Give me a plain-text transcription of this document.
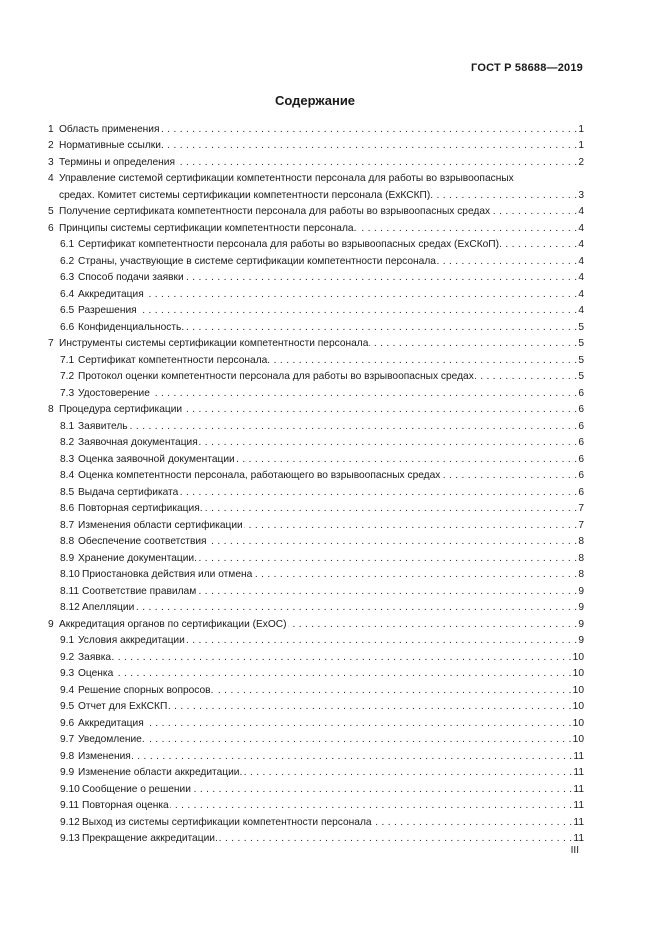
ГОСТ Р 58688—2019
Содержание
1 Область применения . . .	1
2 Нормативные ссылки. . . .	1
3 Термины и определения . . .	2
4 Управление системой сертификации компетентности персонала для работы во взрывоопасных
средах. Комитет системы сертификации компетентности персонала (ExКСКП) . . .	3
5 Получение сертификата компетентности персонала для работы во взрывоопасных средах . . .	4
6 Принципы системы сертификации компетентности персонала. . . .	4
6.1 Сертификат компетентности персонала для работы во взрывоопасных средах (ExСКоП). . . .	4
6.2 Страны, участвующие в системе сертификации компетентности персонала . . .	4
6.3 Способ подачи заявки . . .	4
6.4 Аккредитация . . .	4
6.5 Разрешения . . .	4
6.6 Конфиденциальность. . . .	5
7 Инструменты системы сертификации компетентности персонала . . .	5
7.1 Сертификат компетентности персонала. . . .	5
7.2 Протокол оценки компетентности персонала для работы во взрывоопасных средах . . .	5
7.3 Удостоверение . . .	6
8 Процедура сертификации . . .	6
8.1 Заявитель . . .	6
8.2 Заявочная документация . . .	6
8.3 Оценка заявочной документации . . .	6
8.4 Оценка компетентности персонала, работающего во взрывоопасных средах . . .	6
8.5 Выдача сертификата . . .	6
8.6 Повторная сертификация. . . .	7
8.7 Изменения области сертификации . . .	7
8.8 Обеспечение соответствия . . .	8
8.9 Хранение документации. . . .	8
8.10 Приостановка действия или отмена . . .	8
8.11 Соответствие правилам . . .	9
8.12 Апелляции . . .	9
9 Аккредитация органов по сертификации (ExОС) . . .	9
9.1 Условия аккредитации . . .	9
9.2 Заявка . . .	10
9.3 Оценка . . .	10
9.4 Решение спорных вопросов. . . .	10
9.5 Отчет для ExКСКП . . .	10
9.6 Аккредитация . . .	10
9.7 Уведомление. . . .	10
9.8 Изменения . . .	11
9.9 Изменение области аккредитации. . . .	11
9.10 Сообщение о решении . . .	11
9.11 Повторная оценка . . .	11
9.12 Выход из системы сертификации компетентности персонала . . .	11
9.13 Прекращение аккредитации. . . .	11
III
